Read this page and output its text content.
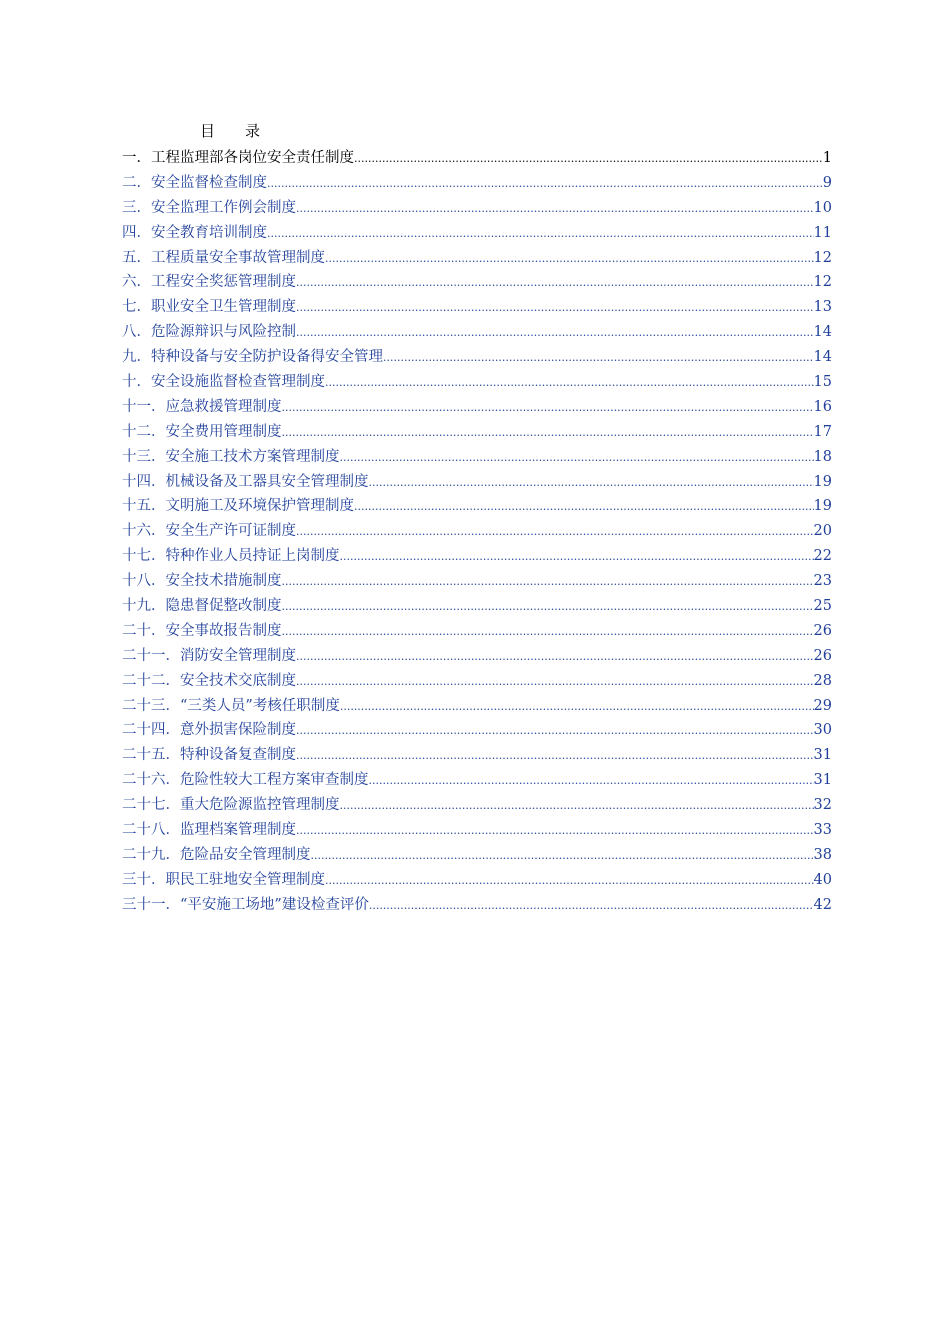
目　　录
一．工程监理部各岗位安全责任制度 .....	1
二．安全监督检查制度 .....	9
三．安全监理工作例会制度 .....	10
四．安全教育培训制度 .....	11
五．工程质量安全事故管理制度 .....	12
六．工程安全奖惩管理制度 .....	12
七．职业安全卫生管理制度 .....	13
八．危险源辩识与风险控制 .....	14
九．特种设备与安全防护设备得安全管理 .....	14
十．安全设施监督检查管理制度 .....	15
十一．应急救援管理制度 .....	16
十二．安全费用管理制度 .....	17
十三．安全施工技术方案管理制度 .....	18
十四．机械设备及工器具安全管理制度 .....	19
十五．文明施工及环境保护管理制度 .....	19
十六．安全生产许可证制度 .....	20
十七．特种作业人员持证上岗制度 .....	22
十八．安全技术措施制度 .....	23
十九．隐患督促整改制度 .....	25
二十．安全事故报告制度 .....	26
二十一．消防安全管理制度 .....	26
二十二．安全技术交底制度 .....	28
二十三．“三类人员”考核任职制度 .....	29
二十四．意外损害保险制度 .....	30
二十五．特种设备复查制度 .....	31
二十六．危险性较大工程方案审查制度 .....	31
二十七．重大危险源监控管理制度 .....	32
二十八．监理档案管理制度 .....	33
二十九．危险品安全管理制度 .....	38
三十．职民工驻地安全管理制度 .....	40
三十一．“平安施工场地”建设检查评价 .....	42
